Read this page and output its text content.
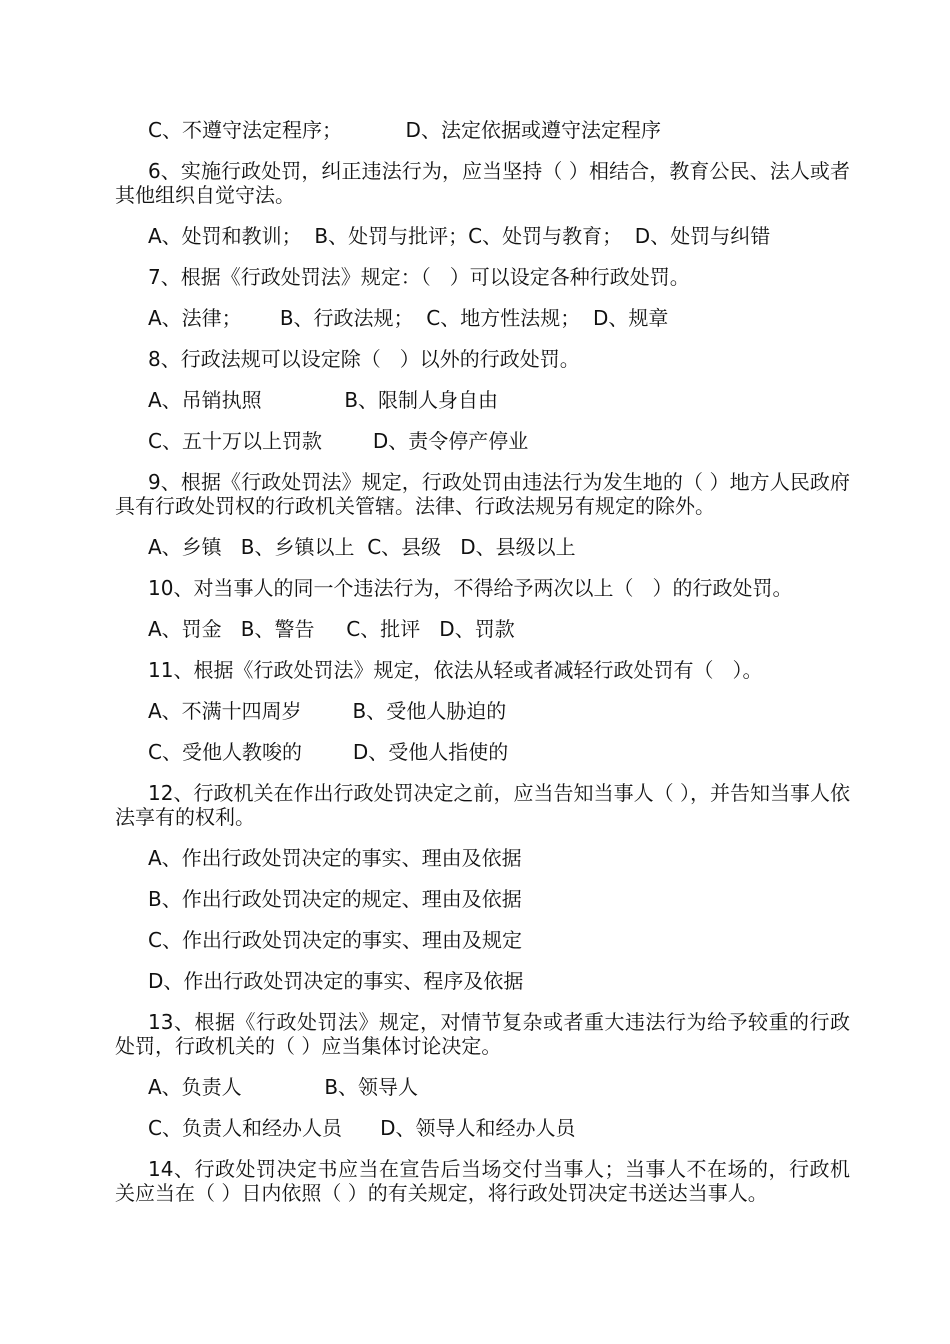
C、不遵守法定程序；          D、法定依据或遵守法定程序

6、实施行政处罚，纠正违法行为，应当坚持（ ）相结合，教育公民、法人或者其他组织自觉守法。

A、处罚和教训；  B、处罚与批评；C、处罚与教育；  D、处罚与纠错

7、根据《行政处罚法》规定：（   ）可以设定各种行政处罚。

A、法律；      B、行政法规；  C、地方性法规；  D、规章

8、行政法规可以设定除（   ）以外的行政处罚。

A、吊销执照             B、限制人身自由

C、五十万以上罚款        D、责令停产停业

9、根据《行政处罚法》规定，行政处罚由违法行为发生地的（ ）地方人民政府具有行政处罚权的行政机关管辖。法律、行政法规另有规定的除外。

A、乡镇   B、乡镇以上  C、县级   D、县级以上

10、对当事人的同一个违法行为，不得给予两次以上（   ）的行政处罚。

A、罚金   B、警告     C、批评   D、罚款

11、根据《行政处罚法》规定，依法从轻或者减轻行政处罚有（   ）。

A、不满十四周岁        B、受他人胁迫的

C、受他人教唆的        D、受他人指使的

12、行政机关在作出行政处罚决定之前，应当告知当事人（ ），并告知当事人依法享有的权利。

A、作出行政处罚决定的事实、理由及依据

B、作出行政处罚决定的规定、理由及依据

C、作出行政处罚决定的事实、理由及规定

D、作出行政处罚决定的事实、程序及依据

13、根据《行政处罚法》规定，对情节复杂或者重大违法行为给予较重的行政处罚，行政机关的（ ）应当集体讨论决定。

A、负责人             B、领导人

C、负责人和经办人员      D、领导人和经办人员

14、行政处罚决定书应当在宣告后当场交付当事人；当事人不在场的，行政机关应当在（ ）日内依照（ ）的有关规定，将行政处罚决定书送达当事人。
